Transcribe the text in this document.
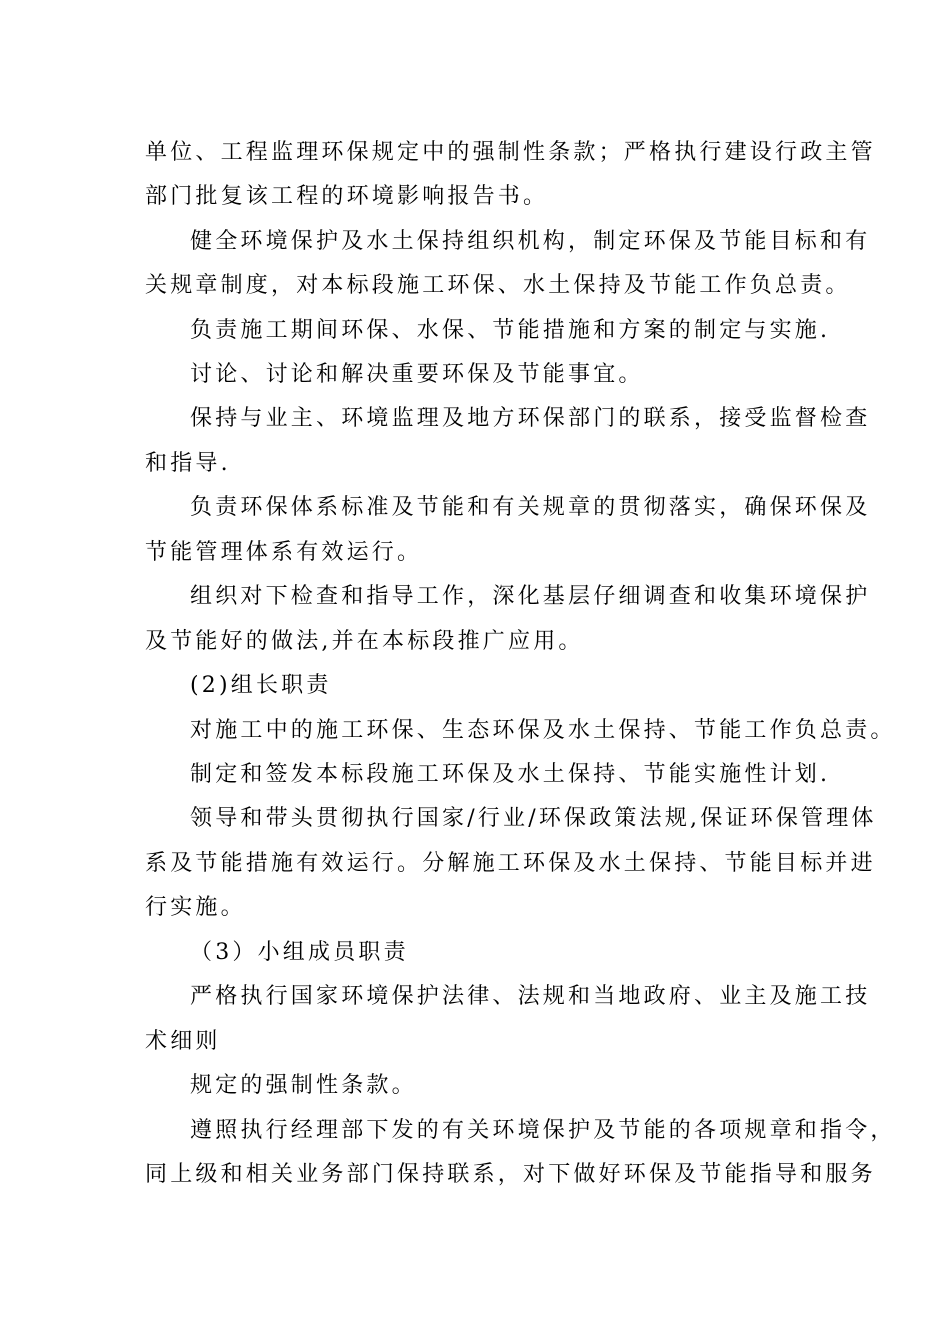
单位、工程监理环保规定中的强制性条款；严格执行建设行政主管
部门批复该工程的环境影响报告书。
健全环境保护及水土保持组织机构，制定环保及节能目标和有
关规章制度，对本标段施工环保、水土保持及节能工作负总责。
负责施工期间环保、水保、节能措施和方案的制定与实施.
讨论、讨论和解决重要环保及节能事宜。
保持与业主、环境监理及地方环保部门的联系，接受监督检查
和指导.
负责环保体系标准及节能和有关规章的贯彻落实，确保环保及
节能管理体系有效运行。
组织对下检查和指导工作，深化基层仔细调查和收集环境保护
及节能好的做法,并在本标段推广应用。
(2)组长职责
对施工中的施工环保、生态环保及水土保持、节能工作负总责。
制定和签发本标段施工环保及水土保持、节能实施性计划.
领导和带头贯彻执行国家/行业/环保政策法规,保证环保管理体
系及节能措施有效运行。分解施工环保及水土保持、节能目标并进
行实施。
（3）小组成员职责
严格执行国家环境保护法律、法规和当地政府、业主及施工技
术细则
规定的强制性条款。
遵照执行经理部下发的有关环境保护及节能的各项规章和指令，
同上级和相关业务部门保持联系，对下做好环保及节能指导和服务
